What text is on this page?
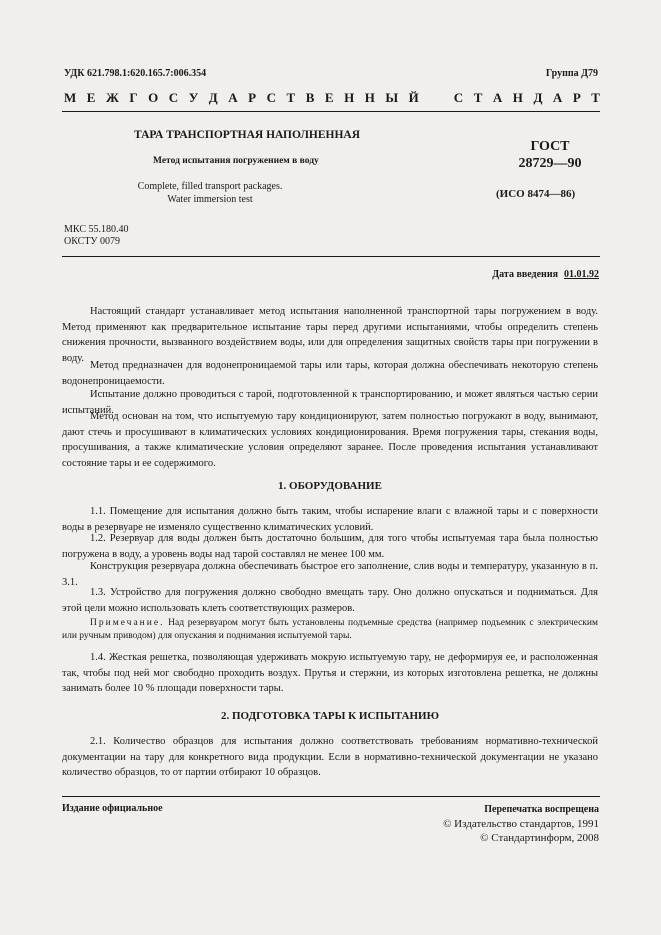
УДК 621.798.1:620.165.7:006.354	Группа Д79
М Е Ж Г О С У Д А Р С Т В Е Н Н Ы Й	С Т А Н Д А Р Т
ТАРА ТРАНСПОРТНАЯ НАПОЛНЕННАЯ
Метод испытания погружением в воду
Complete, filled transport packages.
Water immersion test
ГОСТ
28729—90
(ИСО 8474—86)
МКС 55.180.40
ОКСТУ 0079
Дата введения 01.01.92

Настоящий стандарт устанавливает метод испытания наполненной транспортной тары погружением в воду. Метод применяют как предварительное испытание тары перед другими испытаниями, чтобы определить степень снижения прочности, вызванного воздействием воды, или для определения защитных свойств тары при погружении в воду.

Метод предназначен для водонепроницаемой тары или тары, которая должна обеспечивать некоторую степень водонепроницаемости.

Испытание должно проводиться с тарой, подготовленной к транспортированию, и может являться частью серии испытаний.

Метод основан на том, что испытуемую тару кондиционируют, затем полностью погружают в воду, вынимают, дают стечь и просушивают в климатических условиях кондиционирования. Время погружения тары, стекания воды, просушивания, а также климатические условия определяют заранее. После проведения испытания устанавливают состояние тары и ее содержимого.

1. ОБОРУДОВАНИЕ

1.1. Помещение для испытания должно быть таким, чтобы испарение влаги с влажной тары и с поверхности воды в резервуаре не изменяло существенно климатических условий.

1.2. Резервуар для воды должен быть достаточно большим, для того чтобы испытуемая тара была полностью погружена в воду, а уровень воды над тарой составлял не менее 100 мм.

Конструкция резервуара должна обеспечивать быстрое его заполнение, слив воды и температуру, указанную в п. 3.1.

1.3. Устройство для погружения должно свободно вмещать тару. Оно должно опускаться и подниматься. Для этой цели можно использовать клеть соответствующих размеров.

Примечание. Над резервуаром могут быть установлены подъемные средства (например подъемник с электрическим или ручным приводом) для опускания и поднимания испытуемой тары.

1.4. Жесткая решетка, позволяющая удерживать мокрую испытуемую тару, не деформируя ее, и расположенная так, чтобы под ней мог свободно проходить воздух. Прутья и стержни, из которых изготовлена решетка, не должны занимать более 10 % площади поверхности тары.

2. ПОДГОТОВКА ТАРЫ К ИСПЫТАНИЮ

2.1. Количество образцов для испытания должно соответствовать требованиям нормативно-технической документации на тару для конкретного вида продукции. Если в нормативно-технической документации не указано количество образцов, то от партии отбирают 10 образцов.

Издание официальное	Перепечатка воспрещена
© Издательство стандартов, 1991
© Стандартинформ, 2008
